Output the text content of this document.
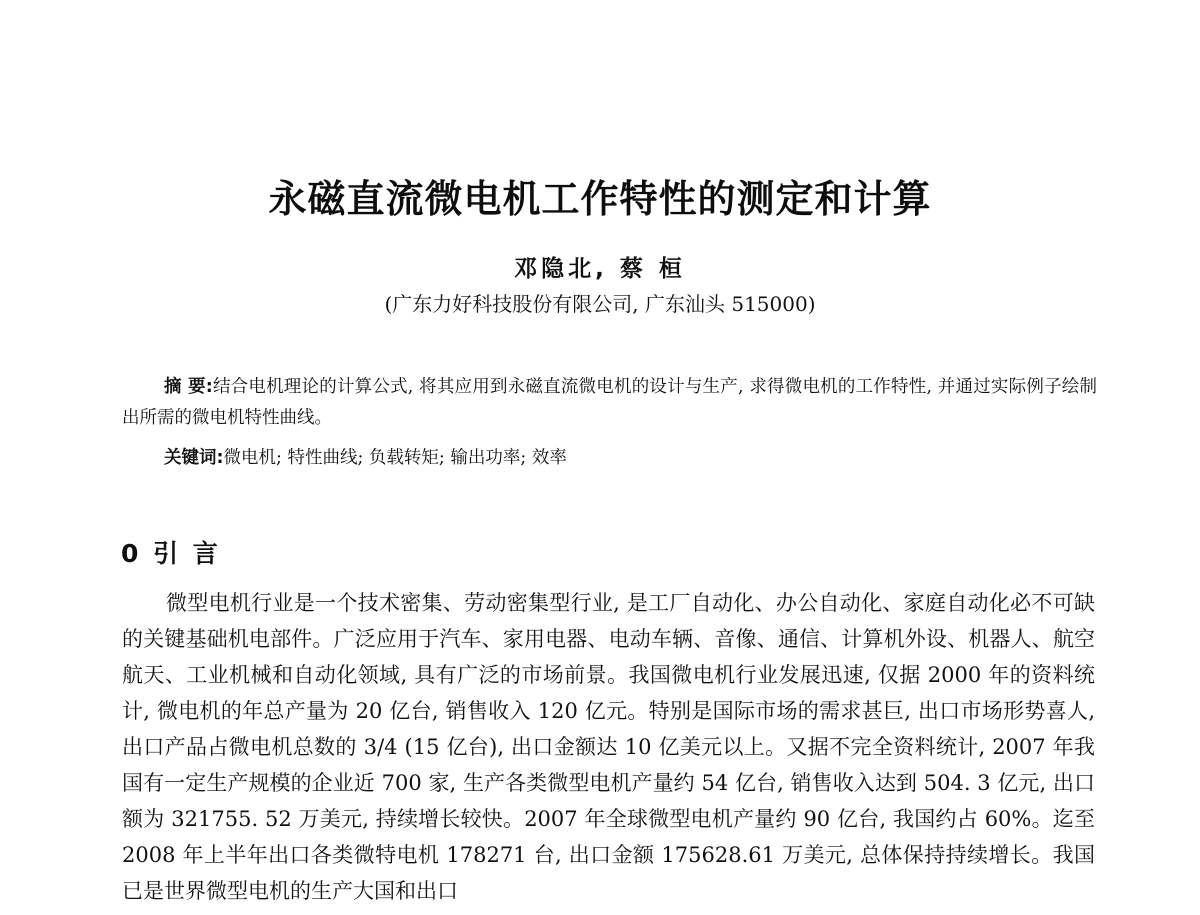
永磁直流微电机工作特性的测定和计算
邓隐北, 蔡 桓
(广东力好科技股份有限公司, 广东汕头 515000)
摘 要:结合电机理论的计算公式, 将其应用到永磁直流微电机的设计与生产, 求得微电机的工作特性, 并通过实际例子绘制出所需的微电机特性曲线。
关键词:微电机; 特性曲线; 负载转矩; 输出功率; 效率
0 引 言
微型电机行业是一个技术密集、劳动密集型行业, 是工厂自动化、办公自动化、家庭自动化必不可缺的关键基础机电部件。广泛应用于汽车、家用电器、电动车辆、音像、通信、计算机外设、机器人、航空航天、工业机械和自动化领域, 具有广泛的市场前景。我国微电机行业发展迅速, 仅据 2000 年的资料统计, 微电机的年总产量为 20 亿台, 销售收入 120 亿元。特别是国际市场的需求甚巨, 出口市场形势喜人, 出口产品占微电机总数的 3/4 (15 亿台), 出口金额达 10 亿美元以上。又据不完全资料统计, 2007 年我国有一定生产规模的企业近 700 家, 生产各类微型电机产量约 54 亿台, 销售收入达到 504. 3 亿元, 出口额为 321755. 52 万美元, 持续增长较快。2007 年全球微型电机产量约 90 亿台, 我国约占 60%。迄至 2008 年上半年出口各类微特电机 178271 台, 出口金额 175628.61 万美元, 总体保持持续增长。我国已是世界微型电机的生产大国和出口
